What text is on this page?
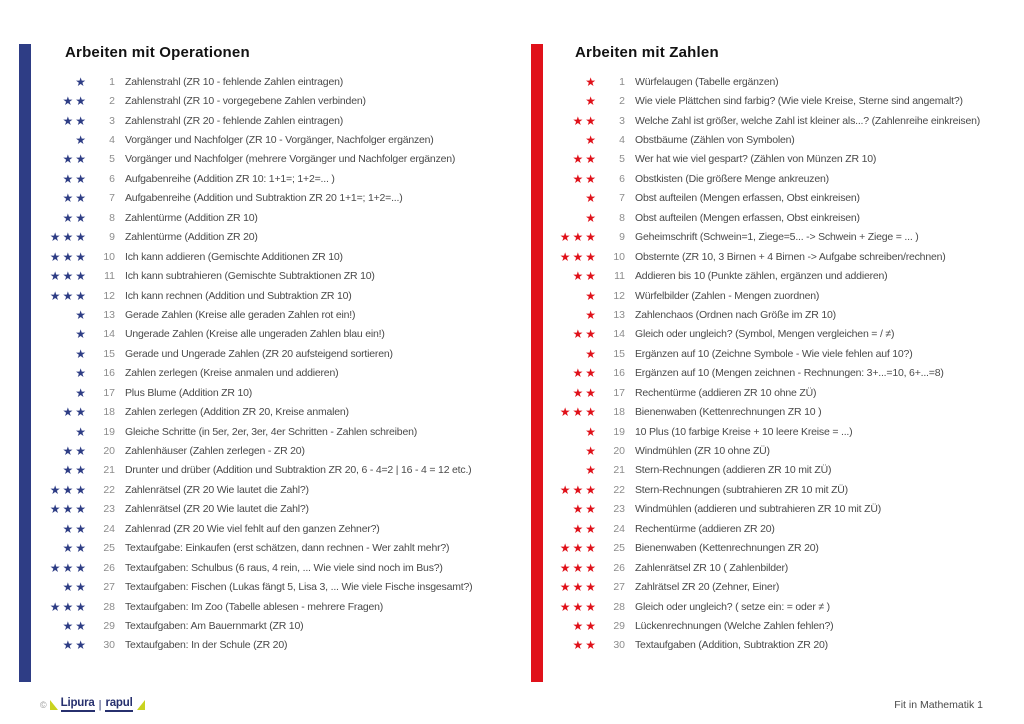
Arbeiten mit Operationen
★	1 Zahlenstrahl (ZR 10 - fehlende Zahlen eintragen)
★★	2 Zahlenstrahl (ZR 10 - vorgegebene Zahlen verbinden)
★★	3 Zahlenstrahl (ZR 20 - fehlende Zahlen eintragen)
★	4 Vorgänger und Nachfolger (ZR 10 - Vorgänger, Nachfolger ergänzen)
★★	5 Vorgänger und Nachfolger (mehrere Vorgänger und Nachfolger ergänzen)
★★	6 Aufgabenreihe (Addition ZR 10: 1+1=; 1+2=... )
★★	7 Aufgabenreihe (Addition und Subtraktion ZR 20 1+1=; 1+2=...)
★★	8 Zahlentürme (Addition ZR 10)
★★★	9 Zahlentürme (Addition ZR 20)
★★★	10 Ich kann addieren (Gemischte Additionen ZR 10)
★★★	11 Ich kann subtrahieren (Gemischte Subtraktionen ZR 10)
★★★	12 Ich kann rechnen (Addition und Subtraktion ZR 10)
★	13 Gerade Zahlen (Kreise alle geraden Zahlen rot ein!)
★	14 Ungerade Zahlen (Kreise alle ungeraden Zahlen blau ein!)
★	15 Gerade und Ungerade Zahlen (ZR 20 aufsteigend sortieren)
★	16 Zahlen zerlegen (Kreise anmalen und addieren)
★	17 Plus Blume (Addition ZR 10)
★★	18 Zahlen zerlegen (Addition ZR 20, Kreise anmalen)
★	19 Gleiche Schritte (in 5er, 2er, 3er, 4er Schritten - Zahlen schreiben)
★★	20 Zahlenhäuser (Zahlen zerlegen - ZR 20)
★★	21 Drunter und drüber (Addition und Subtraktion ZR 20, 6 - 4=2 | 16 - 4 = 12 etc.)
★★★	22 Zahlenrätsel (ZR 20 Wie lautet die Zahl?)
★★★	23 Zahlenrätsel (ZR 20 Wie lautet die Zahl?)
★★	24 Zahlenrad (ZR 20 Wie viel fehlt auf den ganzen Zehner?)
★★	25 Textaufgabe: Einkaufen (erst schätzen, dann rechnen - Wer zahlt mehr?)
★★★	26 Textaufgaben: Schulbus (6 raus, 4 rein, ... Wie viele sind noch im Bus?)
★★	27 Textaufgaben: Fischen (Lukas fängt 5, Lisa 3, ... Wie viele Fische insgesamt?)
★★★	28 Textaufgaben: Im Zoo (Tabelle ablesen - mehrere Fragen)
★★	29 Textaufgaben: Am Bauernmarkt (ZR 10)
★★	30 Textaufgaben: In der Schule (ZR 20)
Arbeiten mit Zahlen
★	1 Würfelaugen (Tabelle ergänzen)
★	2 Wie viele Plättchen sind farbig? (Wie viele Kreise, Sterne sind angemalt?)
★★	3 Welche Zahl ist größer, welche Zahl ist kleiner als...? (Zahlenreihe einkreisen)
★	4 Obstbäume (Zählen von Symbolen)
★★	5 Wer hat wie viel gespart? (Zählen von Münzen ZR 10)
★★	6 Obstkisten (Die größere Menge ankreuzen)
★	7 Obst aufteilen (Mengen erfassen, Obst einkreisen)
★	8 Obst aufteilen (Mengen erfassen, Obst einkreisen)
★★★	9 Geheimschrift (Schwein=1, Ziege=5... -> Schwein + Ziege = ... )
★★★	10 Obsternte (ZR 10, 3 Birnen + 4 Birnen -> Aufgabe schreiben/rechnen)
★★	11 Addieren bis 10 (Punkte zählen, ergänzen und addieren)
★	12 Würfelbilder (Zahlen - Mengen zuordnen)
★	13 Zahlenchaos (Ordnen nach Größe im ZR 10)
★★	14 Gleich oder ungleich? (Symbol, Mengen vergleichen = / ≠)
★	15 Ergänzen auf 10 (Zeichne Symbole - Wie viele fehlen auf 10?)
★★	16 Ergänzen auf 10 (Mengen zeichnen - Rechnungen: 3+...=10, 6+...=8)
★★	17 Rechentürme (addieren ZR 10 ohne ZÜ)
★★★	18 Bienenwaben (Kettenrechnungen ZR 10 )
★	19 10 Plus (10 farbige Kreise + 10 leere Kreise = ...)
★	20 Windmühlen (ZR 10 ohne ZÜ)
★	21 Stern-Rechnungen (addieren ZR 10 mit ZÜ)
★★★	22 Stern-Rechnungen (subtrahieren ZR 10 mit ZÜ)
★★	23 Windmühlen (addieren und subtrahieren ZR 10 mit ZÜ)
★★	24 Rechentürme (addieren ZR 20)
★★★	25 Bienenwaben (Kettenrechnungen ZR 20)
★★★	26 Zahlenrätsel ZR 10 ( Zahlenbilder)
★★★	27 Zahlrätsel ZR 20 (Zehner, Einer)
★★★	28 Gleich oder ungleich? ( setze ein: = oder ≠ )
★★	29 Lückenrechnungen (Welche Zahlen fehlen?)
★★	30 Textaufgaben (Addition, Subtraktion ZR 20)
© Lipura | rapul	Fit in Mathematik 1
